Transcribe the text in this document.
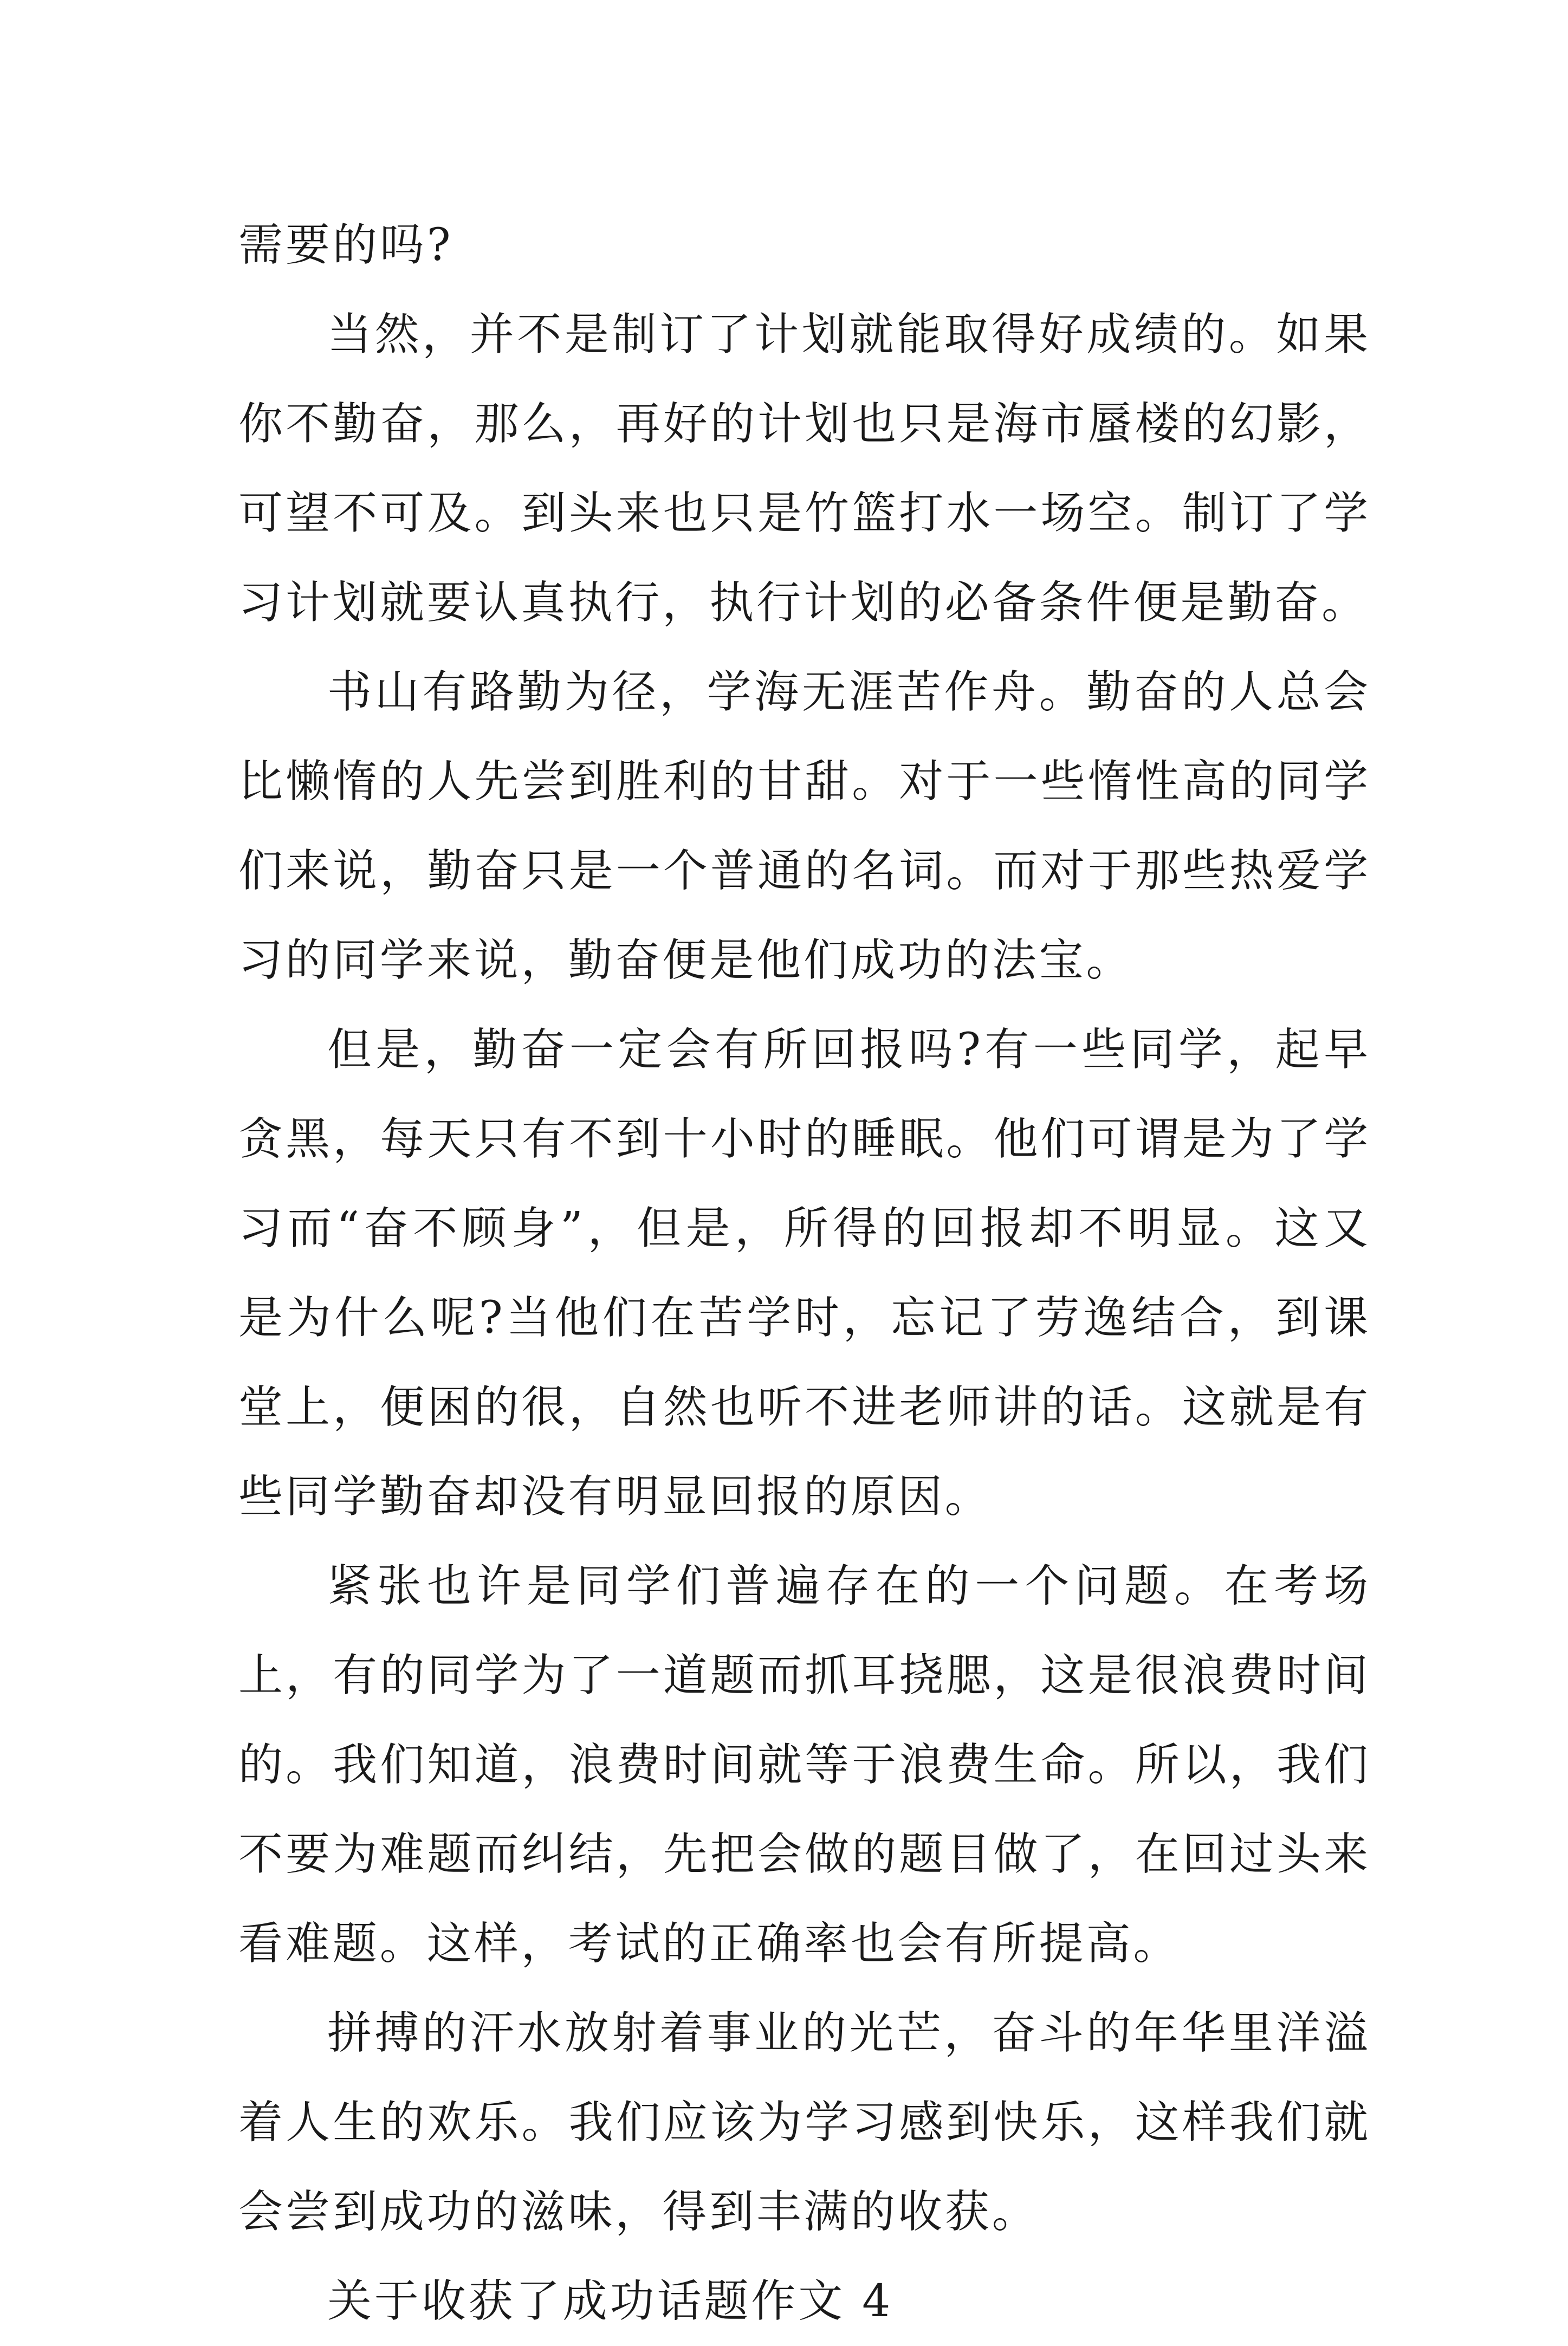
需要的吗?

当然，并不是制订了计划就能取得好成绩的。如果你不勤奋，那么，再好的计划也只是海市蜃楼的幻影，可望不可及。到头来也只是竹篮打水一场空。制订了学习计划就要认真执行，执行计划的必备条件便是勤奋。

书山有路勤为径，学海无涯苦作舟。勤奋的人总会比懒惰的人先尝到胜利的甘甜。对于一些惰性高的同学们来说，勤奋只是一个普通的名词。而对于那些热爱学习的同学来说，勤奋便是他们成功的法宝。

但是，勤奋一定会有所回报吗?有一些同学，起早贪黑，每天只有不到十小时的睡眠。他们可谓是为了学习而“奋不顾身”，但是，所得的回报却不明显。这又是为什么呢?当他们在苦学时，忘记了劳逸结合，到课堂上，便困的很，自然也听不进老师讲的话。这就是有些同学勤奋却没有明显回报的原因。

紧张也许是同学们普遍存在的一个问题。在考场上，有的同学为了一道题而抓耳挠腮，这是很浪费时间的。我们知道，浪费时间就等于浪费生命。所以，我们不要为难题而纠结，先把会做的题目做了，在回过头来看难题。这样，考试的正确率也会有所提高。

拼搏的汗水放射着事业的光芒，奋斗的年华里洋溢着人生的欢乐。我们应该为学习感到快乐，这样我们就会尝到成功的滋味，得到丰满的收获。

关于收获了成功话题作文 4
